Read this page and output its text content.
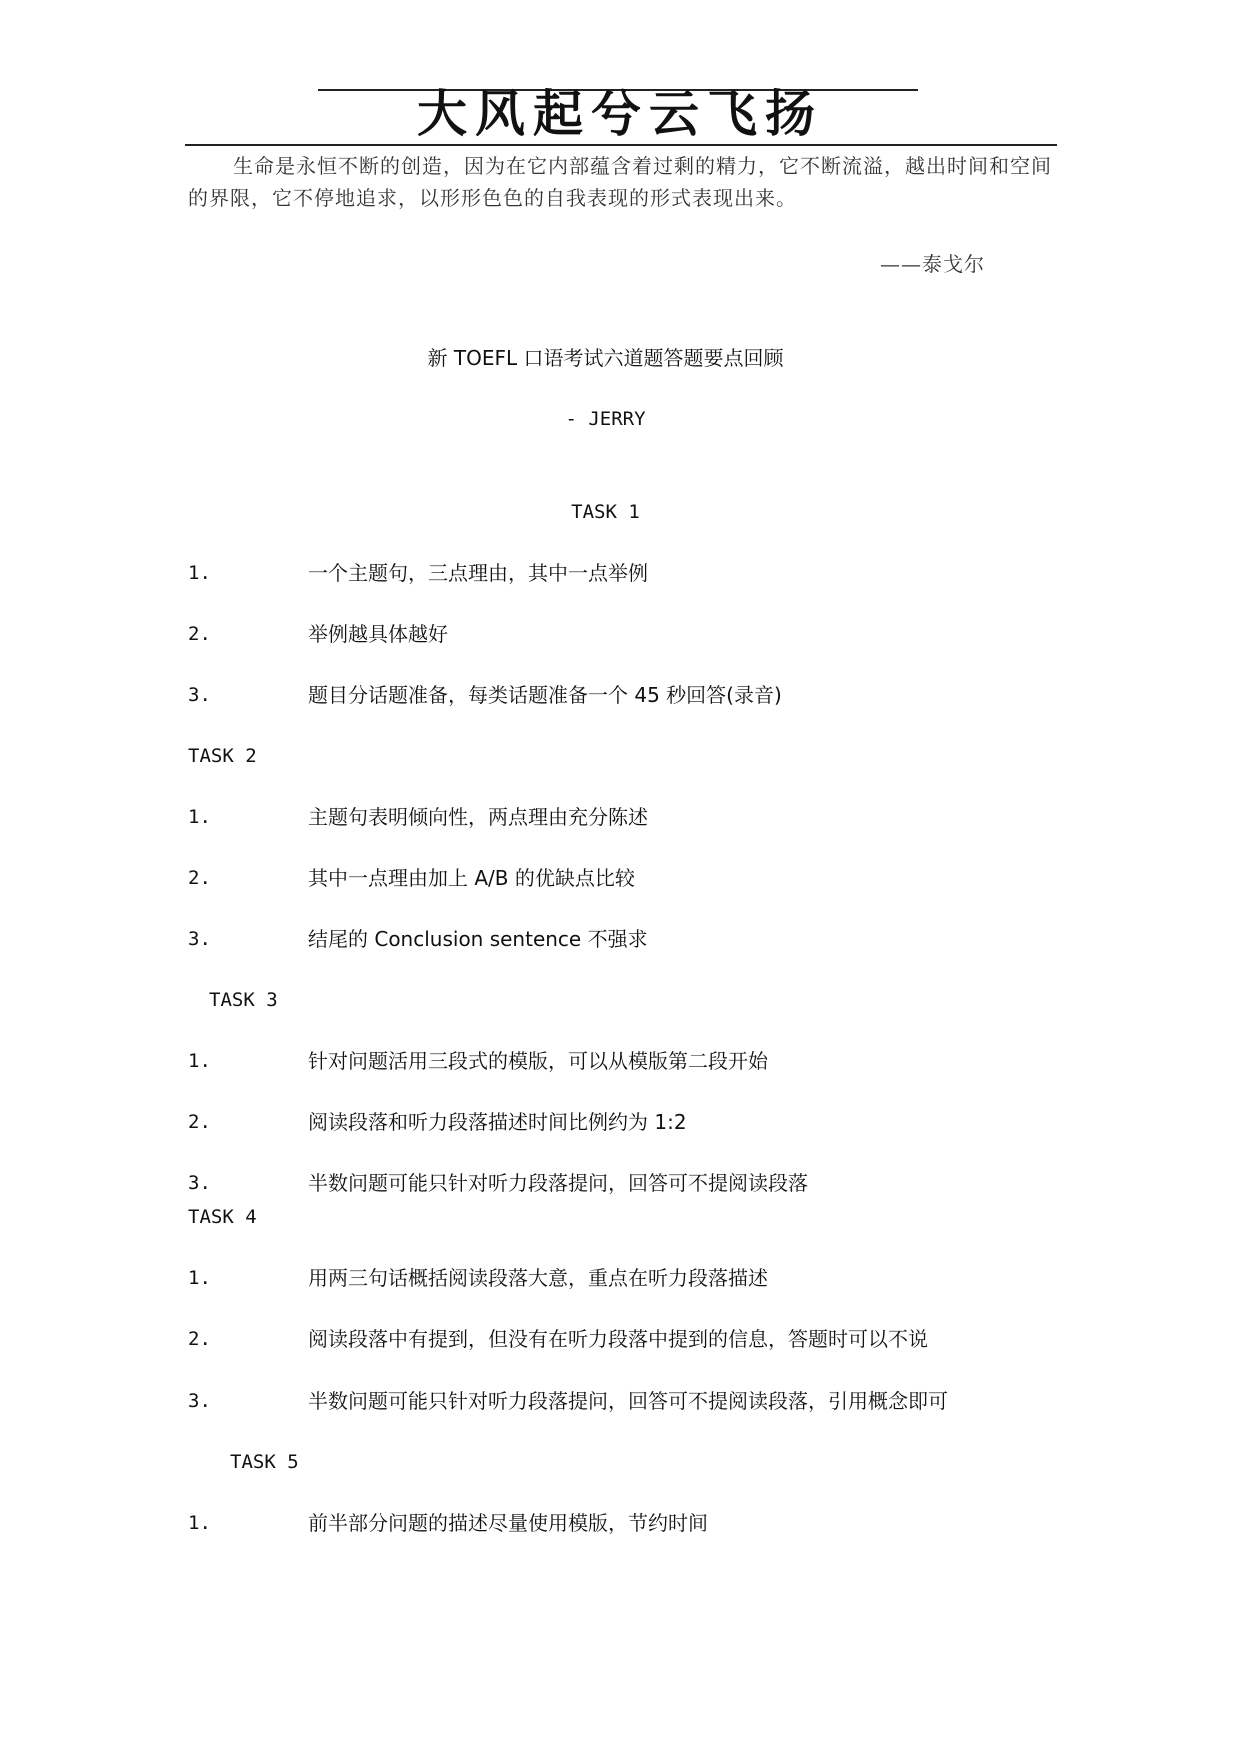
大风起兮云飞扬
生命是永恒不断的创造，因为在它内部蕴含着过剩的精力，它不断流溢，越出时间和空间的界限，它不停地追求，以形形色色的自我表现的形式表现出来。
——泰戈尔
新 TOEFL 口语考试六道题答题要点回顾
- JERRY
TASK 1
1.	一个主题句，三点理由，其中一点举例
2.	举例越具体越好
3.	题目分话题准备，每类话题准备一个 45 秒回答(录音)
TASK 2
1.	主题句表明倾向性，两点理由充分陈述
2.	其中一点理由加上 A/B 的优缺点比较
3.	结尾的 Conclusion sentence 不强求
TASK 3
1.	针对问题活用三段式的模版，可以从模版第二段开始
2.	阅读段落和听力段落描述时间比例约为 1:2
3.	半数问题可能只针对听力段落提问，回答可不提阅读段落
TASK 4
1.	用两三句话概括阅读段落大意，重点在听力段落描述
2.	阅读段落中有提到，但没有在听力段落中提到的信息，答题时可以不说
3.	半数问题可能只针对听力段落提问，回答可不提阅读段落，引用概念即可
TASK 5
1.	前半部分问题的描述尽量使用模版，节约时间
